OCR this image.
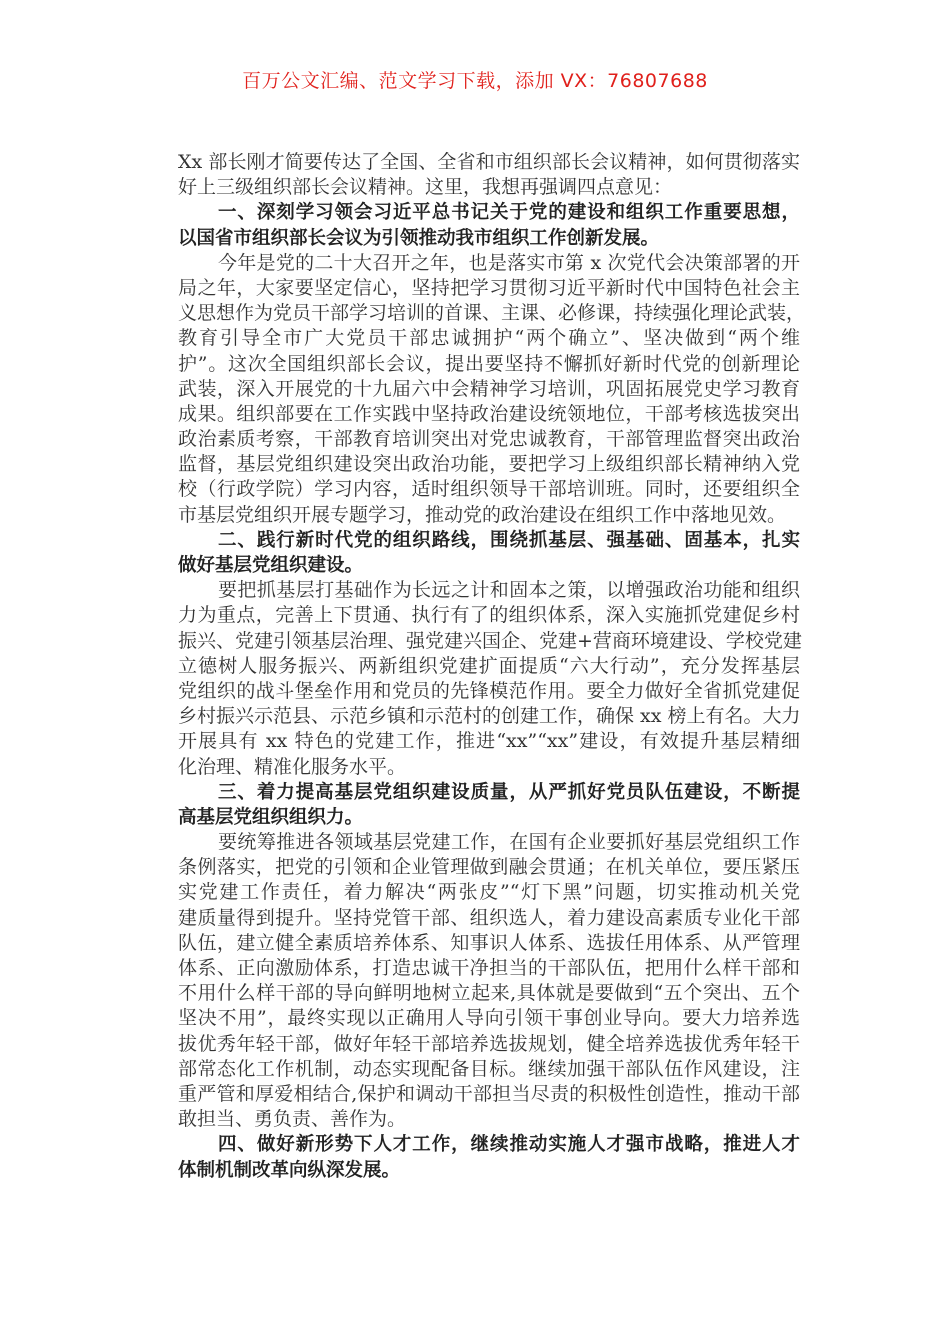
百万公文汇编、范文学习下载，添加 VX：76807688
Xx 部长刚才简要传达了全国、全省和市组织部长会议精神，如何贯彻落实
好上三级组织部长会议精神。这里，我想再强调四点意见：
一、深刻学习领会习近平总书记关于党的建设和组织工作重要思想，
以国省市组织部长会议为引领推动我市组织工作创新发展。
今年是党的二十大召开之年，也是落实市第 x 次党代会决策部署的开
局之年，大家要坚定信心，坚持把学习贯彻习近平新时代中国特色社会主
义思想作为党员干部学习培训的首课、主课、必修课，持续强化理论武装，
教育引导全市广大党员干部忠诚拥护“两个确立”、坚决做到“两个维
护”。这次全国组织部长会议，提出要坚持不懈抓好新时代党的创新理论
武装，深入开展党的十九届六中会精神学习培训，巩固拓展党史学习教育
成果。组织部要在工作实践中坚持政治建设统领地位，干部考核选拔突出
政治素质考察，干部教育培训突出对党忠诚教育，干部管理监督突出政治
监督，基层党组织建设突出政治功能，要把学习上级组织部长精神纳入党
校（行政学院）学习内容，适时组织领导干部培训班。同时，还要组织全
市基层党组织开展专题学习，推动党的政治建设在组织工作中落地见效。
二、践行新时代党的组织路线，围绕抓基层、强基础、固基本，扎实
做好基层党组织建设。
要把抓基层打基础作为长远之计和固本之策，以增强政治功能和组织
力为重点，完善上下贯通、执行有了的组织体系，深入实施抓党建促乡村
振兴、党建引领基层治理、强党建兴国企、党建+营商环境建设、学校党建
立德树人服务振兴、两新组织党建扩面提质“六大行动”，充分发挥基层
党组织的战斗堡垒作用和党员的先锋模范作用。要全力做好全省抓党建促
乡村振兴示范县、示范乡镇和示范村的创建工作，确保 xx 榜上有名。大力
开展具有 xx 特色的党建工作，推进“xx”“xx”建设，有效提升基层精细
化治理、精准化服务水平。
三、着力提高基层党组织建设质量，从严抓好党员队伍建设，不断提
高基层党组织组织力。
要统筹推进各领域基层党建工作，在国有企业要抓好基层党组织工作
条例落实，把党的引领和企业管理做到融会贯通；在机关单位，要压紧压
实党建工作责任，着力解决“两张皮”“灯下黑”问题，切实推动机关党
建质量得到提升。坚持党管干部、组织选人，着力建设高素质专业化干部
队伍，建立健全素质培养体系、知事识人体系、选拔任用体系、从严管理
体系、正向激励体系，打造忠诚干净担当的干部队伍，把用什么样干部和
不用什么样干部的导向鲜明地树立起来,具体就是要做到“五个突出、五个
坚决不用”，最终实现以正确用人导向引领干事创业导向。要大力培养选
拔优秀年轻干部，做好年轻干部培养选拔规划，健全培养选拔优秀年轻干
部常态化工作机制，动态实现配备目标。继续加强干部队伍作风建设，注
重严管和厚爱相结合,保护和调动干部担当尽责的积极性创造性，推动干部
敢担当、勇负责、善作为。
四、做好新形势下人才工作，继续推动实施人才强市战略，推进人才
体制机制改革向纵深发展。
